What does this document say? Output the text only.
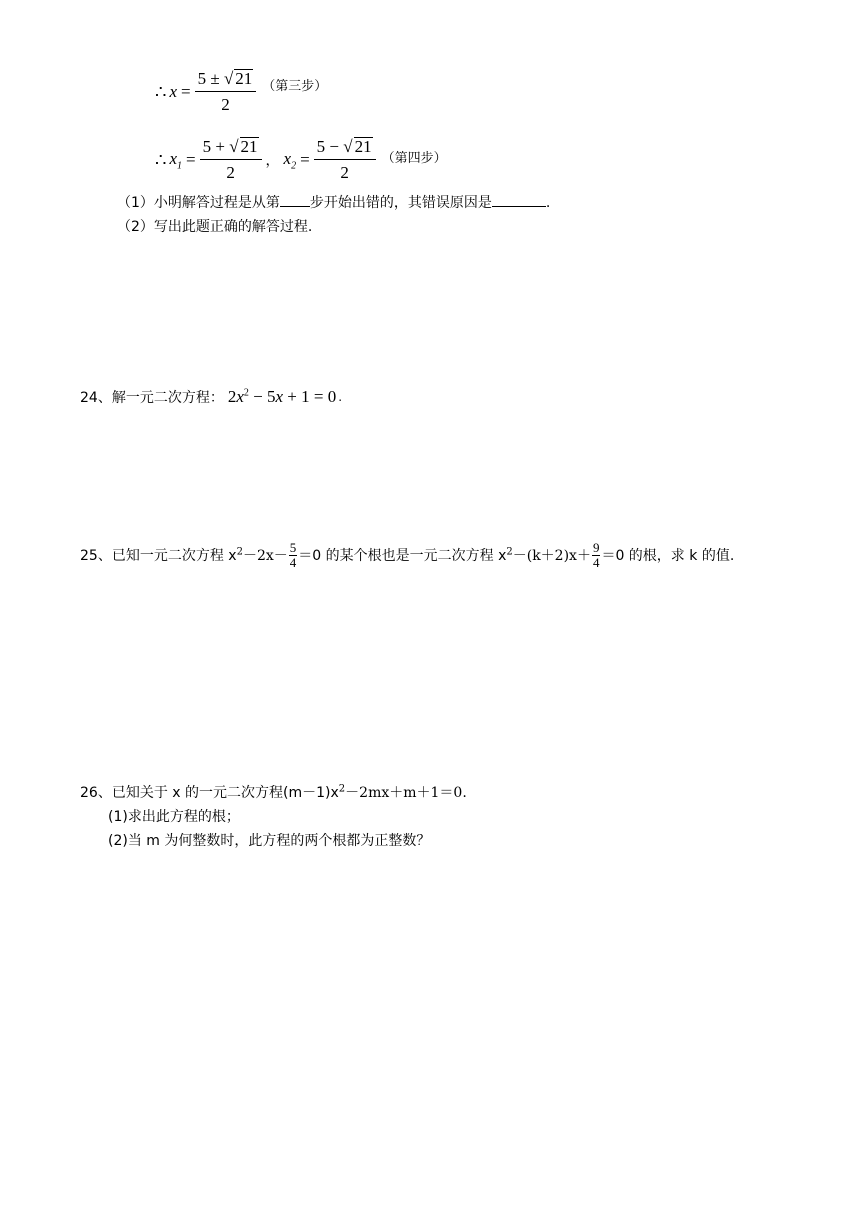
∴ $x = \frac{5 \pm √ 21}{2}$ （第三步）
∴ $x_1 = \frac{5 + √ 21}{2}$ ， $x_2 = \frac{5 - √ 21}{2}$ （第四步）
（1）小明解答过程是从第 步开始出错的，其错误原因是	.
（2）写出此题正确的解答过程.
24、 解一元二次方程： $2x^2 - 5x + 1 = 0$ .
25、 已知一元二次方程 $x^2 -2x-$
5
4 ＝0 的某个根也是一元二次方程 $x^2 -(k+2)x+$
9
4 ＝0 的根，求 k 的值.
26、已知关于 x 的一元二次方程$(m-1)x^2-2mx+m+1=0$.
(1)求出此方程的根；
(2)当 m 为何整数时，此方程的两个根都为正整数？
